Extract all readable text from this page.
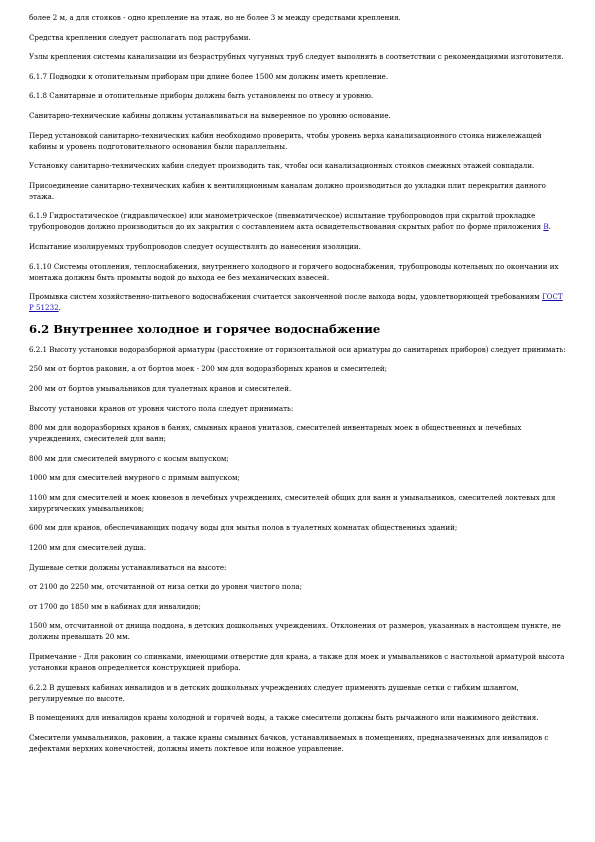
более 2 м, а для стояков - одно крепление на этаж, но не более 3 м между средствами крепления.

Средства крепления следует располагать под раструбами.

Узлы крепления системы канализации из безраструбных чугунных труб следует выполнять в соответствии с рекомендациями изготовителя.

6.1.7 Подводки к отопительным приборам при длине более 1500 мм должны иметь крепление.

6.1.8 Санитарные и отопительные приборы должны быть установлены по отвесу и уровню.

Санитарно-технические кабины должны устанавливаться на выверенное по уровню основание.

Перед установкой санитарно-технических кабин необходимо проверить, чтобы уровень верха канализационного стояка нижележащей кабины и уровень подготовительного основания были параллельны.

Установку санитарно-технических кабин следует производить так, чтобы оси канализационных стояков смежных этажей совпадали.

Присоединение санитарно-технических кабин к вентиляционным каналам должно производиться до укладки плит перекрытия данного этажа.

6.1.9 Гидростатическое (гидравлическое) или манометрическое (пневматическое) испытание трубопроводов при скрытой прокладке трубопроводов должно производиться до их закрытия с составлением акта освидетельствования скрытых работ по форме приложения В.

Испытание изолируемых трубопроводов следует осуществлять до нанесения изоляции.

6.1.10 Системы отопления, теплоснабжения, внутреннего холодного и горячего водоснабжения, трубопроводы котельных по окончании их монтажа должны быть промыты водой до выхода ее без механических взвесей.

Промывка систем хозяйственно-питьевого водоснабжения считается законченной после выхода воды, удовлетворяющей требованиям ГОСТ Р 51232.

6.2 Внутреннее холодное и горячее водоснабжение

6.2.1 Высоту установки водоразборной арматуры (расстояние от горизонтальной оси арматуры до санитарных приборов) следует принимать:

250 мм от бортов раковин, а от бортов моек - 200 мм для водоразборных кранов и смесителей;

200 мм от бортов умывальников для туалетных кранов и смесителей.

Высоту установки кранов от уровня чистого пола следует принимать:

800 мм для водоразборных кранов в банях, смывных кранов унитазов, смесителей инвентарных моек в общественных и лечебных учреждениях, смесителей для ванн;

800 мм для смесителей вмурного с косым выпуском;

1000 мм для смесителей вмурного с прямым выпуском;

1100 мм для смесителей и моек кювезов в лечебных учреждениях, смесителей общих для ванн и умывальников, смесителей локтевых для хирургических умывальников;

600 мм для кранов, обеспечивающих подачу воды для мытья полов в туалетных комнатах общественных зданий;

1200 мм для смесителей душа.

Душевые сетки должны устанавливаться на высоте:

от 2100 до 2250 мм, отсчитанной от низа сетки до уровня чистого пола;

от 1700 до 1850 мм в кабинах для инвалидов;

1500 мм, отсчитанной от днища поддона, в детских дошкольных учреждениях. Отклонения от размеров, указанных в настоящем пункте, не должны превышать 20 мм.

Примечание - Для раковин со спинками, имеющими отверстие для крана, а также для моек и умывальников с настольной арматурой высота установки кранов определяется конструкцией прибора.

6.2.2 В душевых кабинах инвалидов и в детских дошкольных учреждениях следует применять душевые сетки с гибким шлангом, регулируемые по высоте.

В помещениях для инвалидов краны холодной и горячей воды, а также смесители должны быть рычажного или нажимного действия.

Смесители умывальников, раковин, а также краны смывных бачков, устанавливаемых в помещениях, предназначенных для инвалидов с дефектами верхних конечностей, должны иметь локтевое или ножное управление.
